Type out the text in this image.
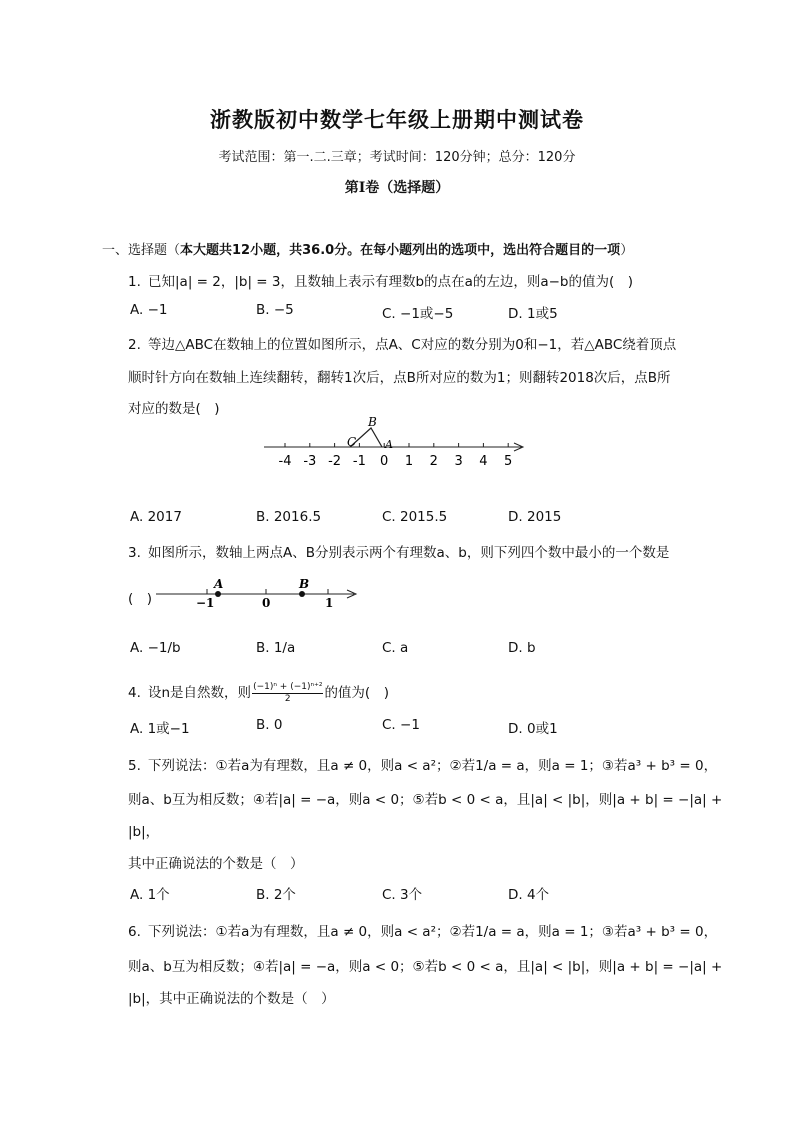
浙教版初中数学七年级上册期中测试卷
考试范围：第一.二.三章；考试时间：120分钟；总分：120分
第Ⅰ卷（选择题）
一、选择题（本大题共12小题，共36.0分。在每小题列出的选项中，选出符合题目的一项）
1. 已知|a| = 2，|b| = 3，且数轴上表示有理数b的点在a的左边，则a−b的值为(　)
A. −1	B. −5	C. −1或−5	D. 1或5
2. 等边△ABC在数轴上的位置如图所示，点A、C对应的数分别为0和−1，若△ABC绕着顶点
顺时针方向在数轴上连续翻转，翻转1次后，点B所对应的数为1；则翻转2018次后，点B所
对应的数是(　)
-4 -3 -2 -1 0 1 2 3 4 5
B
C	A
A. 2017	B. 2016.5	C. 2015.5	D. 2015
3. 如图所示，数轴上两点A、B分别表示两个有理数a、b，则下列四个数中最小的一个数是
(　)
A	B
−1	0	1
A. −1/b	B. 1/a	C. a	D. b
4. 设n是自然数，则 $\frac{\text{(−1)ⁿ + (−1)ⁿ⁺²}}{2}$ 的值为(　)
A. 1或−1	B. 0	C. −1	D. 0或1
5. 下列说法：①若a为有理数，且a ≠ 0，则a < a²；②若1/a = a，则a = 1；③若a³ + b³ = 0，
则a、b互为相反数；④若|a| = −a，则a < 0；⑤若b < 0 < a，且|a| < |b|，则|a + b| = −|a| +
|b|，
其中正确说法的个数是（　）
A. 1个	B. 2个	C. 3个	D. 4个
6. 下列说法：①若a为有理数，且a ≠ 0，则a < a²；②若1/a = a，则a = 1；③若a³ + b³ = 0，
则a、b互为相反数；④若|a| = −a，则a < 0；⑤若b < 0 < a，且|a| < |b|，则|a + b| = −|a| +
|b|，其中正确说法的个数是（　）
